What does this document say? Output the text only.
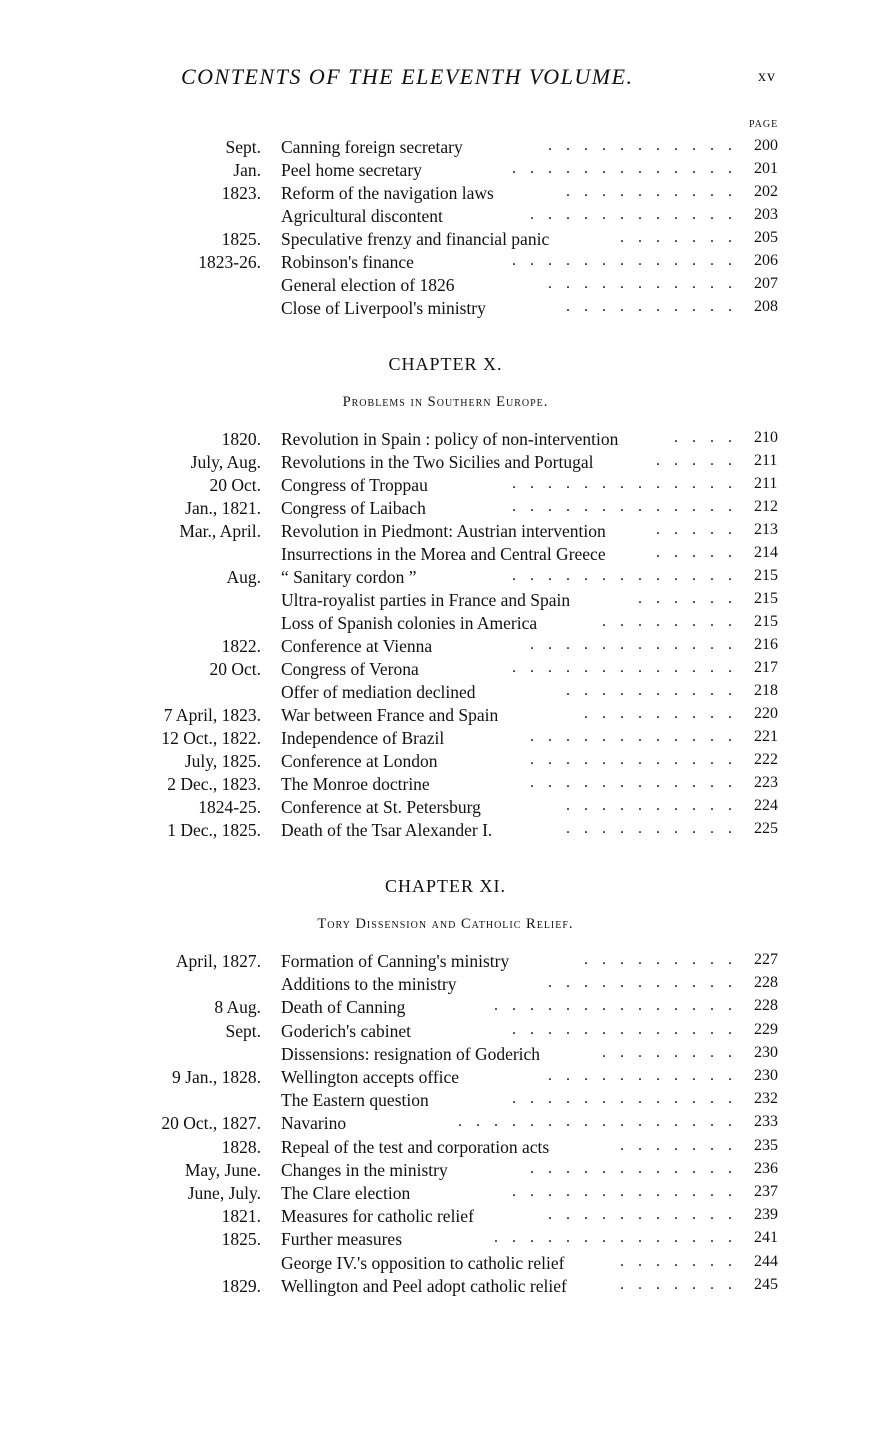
CONTENTS OF THE ELEVENTH VOLUME.	xv
PAGE
CHAPTER X.
Problems in Southern Europe.
CHAPTER XI.
Tory Dissension and Catholic Relief.
Sept. Canning foreign secretary	........... 200
Jan. Peel home secretary	............. 201
1823. Reform of the navigation laws	.......... 202
Agricultural discontent	............ 203
1825. Speculative frenzy and financial panic	....... 205
1823-26. Robinson's finance	............. 206
General election of 1826	........... 207
Close of Liverpool's ministry	.......... 208
1820. Revolution in Spain : policy of non-intervention	.... 210
July, Aug. Revolutions in the Two Sicilies and Portugal	..... 211
20 Oct. Congress of Troppau	............. 211
Jan., 1821. Congress of Laibach	............. 212
Mar., April. Revolution in Piedmont: Austrian intervention	..... 213
Insurrections in the Morea and Central Greece	..... 214
Aug. “ Sanitary cordon ”	............. 215
Ultra-royalist parties in France and Spain	...... 215
Loss of Spanish colonies in America	........ 215
1822. Conference at Vienna	............ 216
20 Oct. Congress of Verona	............. 217
Offer of mediation declined	.......... 218
7 April, 1823. War between France and Spain	......... 220
12 Oct., 1822. Independence of Brazil	............ 221
July, 1825. Conference at London	............ 222
2 Dec., 1823. The Monroe doctrine	............ 223
1824-25. Conference at St. Petersburg	.......... 224
1 Dec., 1825. Death of the Tsar Alexander I.	.......... 225
April, 1827. Formation of Canning's ministry	......... 227
Additions to the ministry	........... 228
8 Aug. Death of Canning	.............. 228
Sept. Goderich's cabinet	............. 229
Dissensions: resignation of Goderich	........ 230
9 Jan., 1828. Wellington accepts office	........... 230
The Eastern question	............. 232
20 Oct., 1827. Navarino	................ 233
1828. Repeal of the test and corporation acts	....... 235
May, June. Changes in the ministry	............ 236
June, July. The Clare election	............. 237
1821. Measures for catholic relief	........... 239
1825. Further measures	.............. 241
George IV.'s opposition to catholic relief	....... 244
1829. Wellington and Peel adopt catholic relief	....... 245
